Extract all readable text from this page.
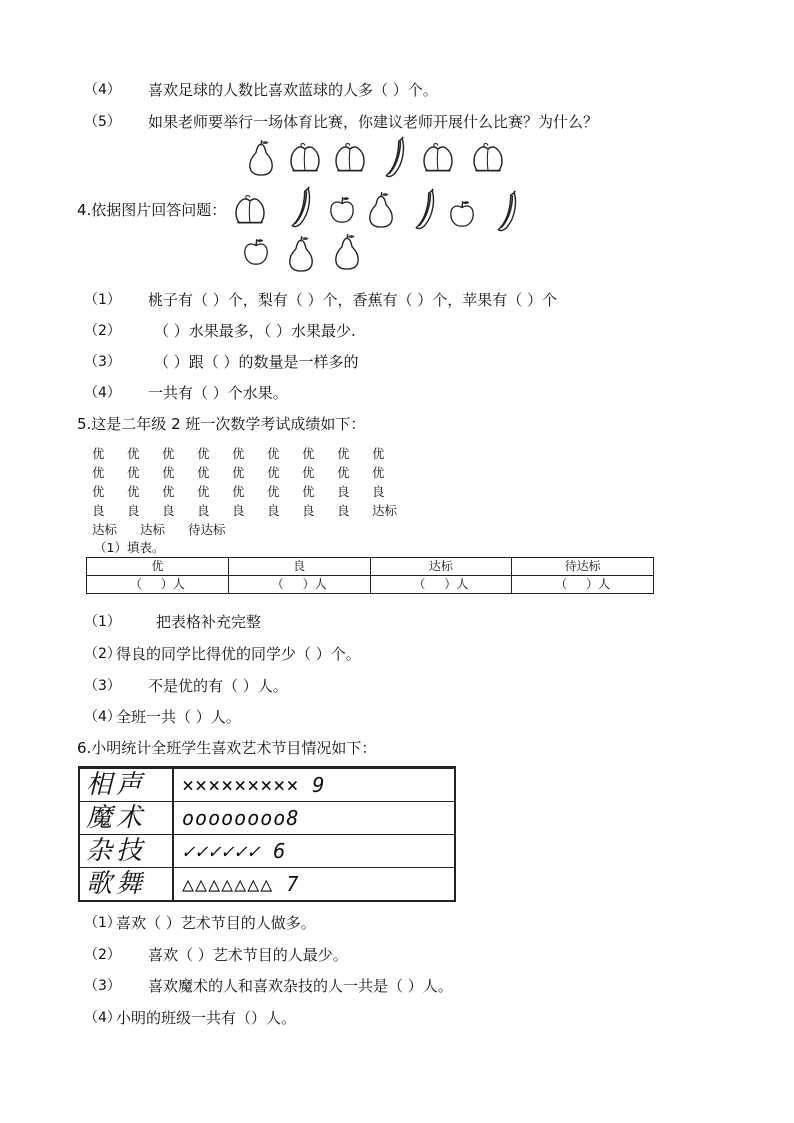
（4） 喜欢足球的人数比喜欢蓝球的人多（ ）个。
（5） 如果老师要举行一场体育比赛，你建议老师开展什么比赛？为什么？
4.依据图片回答问题：
（1） 桃子有（ ）个，梨有（ ）个，香蕉有（ ）个，苹果有（ ）个
（2） （ ）水果最多，（ ）水果最少.
（3） （ ）跟（ ）的数量是一样多的
（4） 一共有（ ）个水果。
5.这是二年级 2 班一次数学考试成绩如下：
优 优 优 优 优 优 优 优 优
优 优 优 优 优 优 优 优 优
优 优 优 优 优 优 优 良 良
良 良 良 良 良 良 良 良 达标
达标 达标 待达标
（1）填表。
优	良	达标	待达标
（     ）人	（     ）人	（     ）人	（     ）人
（1） 把表格补充完整
（2）
得良的同学比得优的同学少（ ）个。
（3） 不是优的有（ ）人。
（4）
全班一共（ ）人。
6.小明统计全班学生喜欢艺术节目情况如下：
相声	××××××××× 9
魔术	oooooooo8
杂技	✓✓✓✓✓✓ 6
歌舞	△△△△△△△ 7
（1）
喜欢（ ）艺术节目的人做多。
（2） 喜欢（ ）艺术节目的人最少。
（3） 喜欢魔术的人和喜欢杂技的人一共是（ ）人。
（4）
小明的班级一共有（）人。
